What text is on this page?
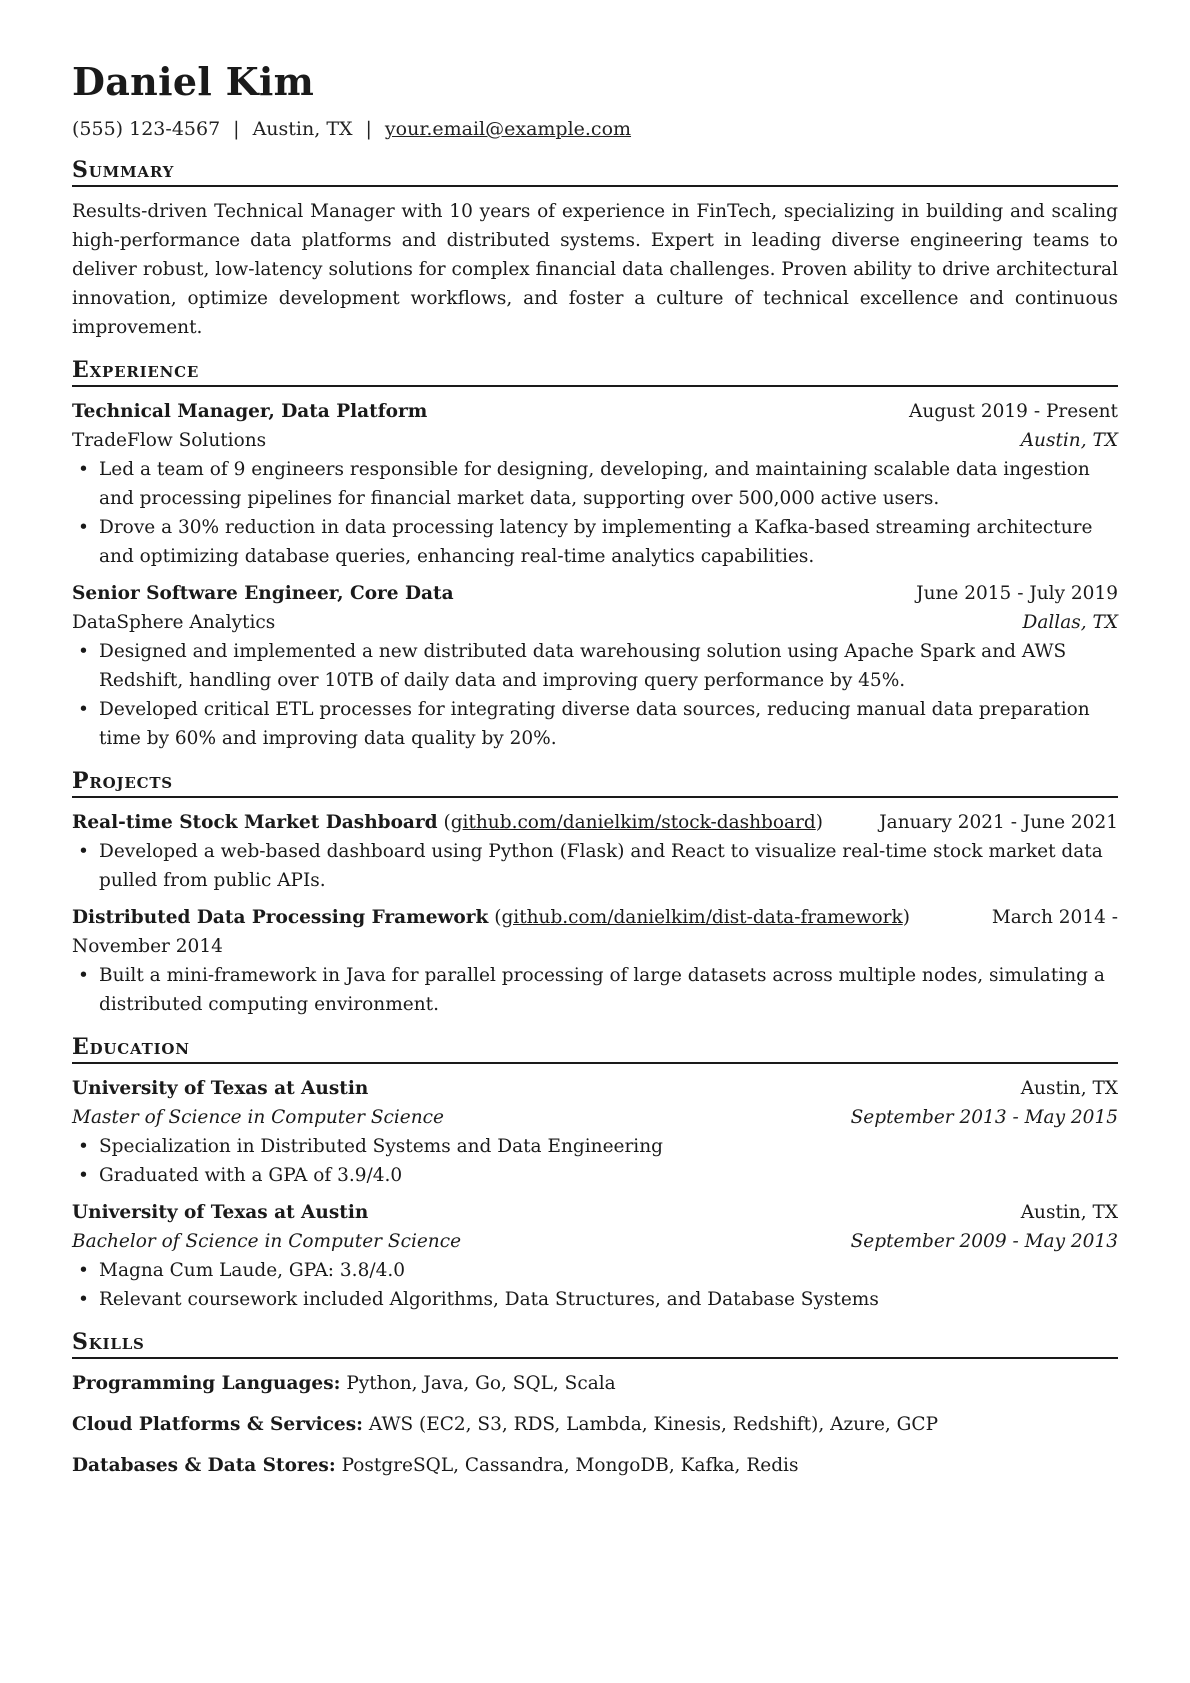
Daniel Kim
(555) 123-4567 | Austin, TX | your.email@example.com
Summary

Results-driven Technical Manager with 10 years of experience in FinTech, specializing in building and scaling high-performance data platforms and distributed systems. Expert in leading diverse engineering teams to deliver robust, low-latency solutions for complex financial data challenges. Proven ability to drive architectural innovation, optimize development workflows, and foster a culture of technical excellence and continuous improvement.

Experience
Technical Manager, Data Platform	August 2019 - Present
TradeFlow Solutions	Austin, TX
• Led a team of 9 engineers responsible for designing, developing, and maintaining scalable data ingestion and processing pipelines for financial market data, supporting over 500,000 active users.
• Drove a 30% reduction in data processing latency by implementing a Kafka-based streaming architecture and optimizing database queries, enhancing real-time analytics capabilities.
Senior Software Engineer, Core Data	June 2015 - July 2019
DataSphere Analytics	Dallas, TX
• Designed and implemented a new distributed data warehousing solution using Apache Spark and AWS Redshift, handling over 10TB of daily data and improving query performance by 45%.
• Developed critical ETL processes for integrating diverse data sources, reducing manual data preparation time by 60% and improving data quality by 20%.
Projects
Real-time Stock Market Dashboard (github.com/danielkim/stock-dashboard)	January 2021 - June 2021
• Developed a web-based dashboard using Python (Flask) and React to visualize real-time stock market data pulled from public APIs.
Distributed Data Processing Framework (github.com/danielkim/dist-data-framework)	March 2014 -
November 2014
• Built a mini-framework in Java for parallel processing of large datasets across multiple nodes, simulating a distributed computing environment.
Education
University of Texas at Austin	Austin, TX
Master of Science in Computer Science	September 2013 - May 2015
• Specialization in Distributed Systems and Data Engineering
• Graduated with a GPA of 3.9/4.0
University of Texas at Austin	Austin, TX
Bachelor of Science in Computer Science	September 2009 - May 2013
• Magna Cum Laude, GPA: 3.8/4.0
• Relevant coursework included Algorithms, Data Structures, and Database Systems
Skills
Programming Languages: Python, Java, Go, SQL, Scala
Cloud Platforms & Services: AWS (EC2, S3, RDS, Lambda, Kinesis, Redshift), Azure, GCP
Databases & Data Stores: PostgreSQL, Cassandra, MongoDB, Kafka, Redis
